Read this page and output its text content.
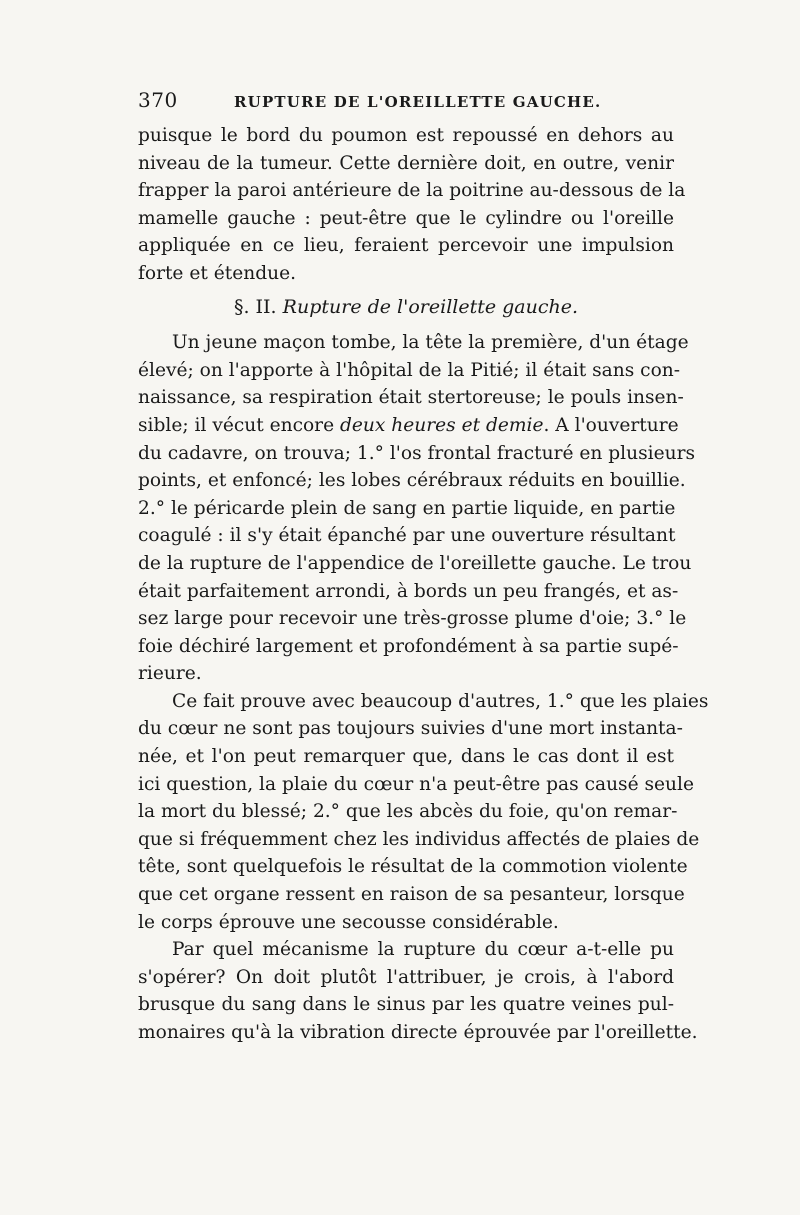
370	RUPTURE DE L'OREILLETTE GAUCHE.

puisque le bord du poumon est repoussé en dehors au
niveau de la tumeur. Cette dernière doit, en outre, venir
frapper la paroi antérieure de la poitrine au-dessous de la
mamelle gauche : peut-être que le cylindre ou l'oreille
appliquée en ce lieu, feraient percevoir une impulsion
forte et étendue.

§. II. Rupture de l'oreillette gauche.

Un jeune maçon tombe, la tête la première, d'un étage
élevé; on l'apporte à l'hôpital de la Pitié; il était sans con-
naissance, sa respiration était stertoreuse; le pouls insen-
sible; il vécut encore deux heures et demie. A l'ouverture
du cadavre, on trouva; 1.° l'os frontal fracturé en plusieurs
points, et enfoncé; les lobes cérébraux réduits en bouillie.
2.° le péricarde plein de sang en partie liquide, en partie
coagulé : il s'y était épanché par une ouverture résultant
de la rupture de l'appendice de l'oreillette gauche. Le trou
était parfaitement arrondi, à bords un peu frangés, et as-
sez large pour recevoir une très-grosse plume d'oie; 3.° le
foie déchiré largement et profondément à sa partie supé-
rieure.

Ce fait prouve avec beaucoup d'autres, 1.° que les plaies
du cœur ne sont pas toujours suivies d'une mort instanta-
née, et l'on peut remarquer que, dans le cas dont il est
ici question, la plaie du cœur n'a peut-être pas causé seule
la mort du blessé; 2.° que les abcès du foie, qu'on remar-
que si fréquemment chez les individus affectés de plaies de
tête, sont quelquefois le résultat de la commotion violente
que cet organe ressent en raison de sa pesanteur, lorsque
le corps éprouve une secousse considérable.

Par quel mécanisme la rupture du cœur a-t-elle pu
s'opérer? On doit plutôt l'attribuer, je crois, à l'abord
brusque du sang dans le sinus par les quatre veines pul-
monaires qu'à la vibration directe éprouvée par l'oreillette.
